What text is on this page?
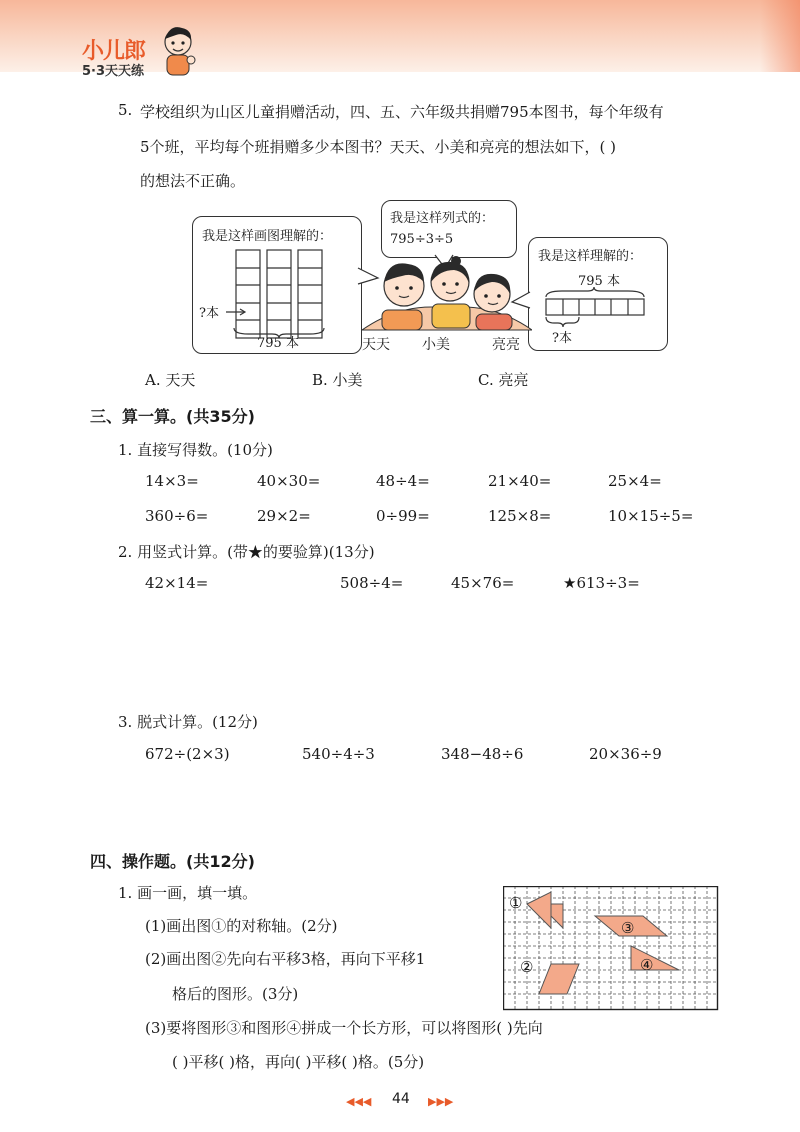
小儿郎
5·3天天练
5. 学校组织为山区儿童捐赠活动，四、五、六年级共捐赠795本图书，每个年级有
5个班，平均每个班捐赠多少本图书？天天、小美和亮亮的想法如下，( )
的想法不正确。
我是这样画图理解的：
?本
795 本
我是这样列式的：
795÷3÷5
我是这样理解的：
795 本
?本
天天 小美	亮亮
A. 天天	B. 小美	C. 亮亮
三、算一算。(共35分)
1. 直接写得数。(10分)
14×3=	40×30=	48÷4=	21×40=	25×4=
360÷6=	29×2=	0÷99=	125×8=	10×15÷5=
2. 用竖式计算。(带★的要验算)(13分)
42×14=	508÷4=	45×76=	★613÷3=
3. 脱式计算。(12分)
672÷(2×3)	540÷4÷3	348−48÷6	20×36÷9
四、操作题。(共12分)
1. 画一画，填一填。
(1)画出图①的对称轴。(2分)
(2)画出图②先向右平移3格，再向下平移1
格后的图形。(3分)
(3)要将图形③和图形④拼成一个长方形，可以将图形( )先向
( )平移( )格，再向( )平移( )格。(5分)
①
②
③
④
◀◀◀ 44 ▶▶▶
